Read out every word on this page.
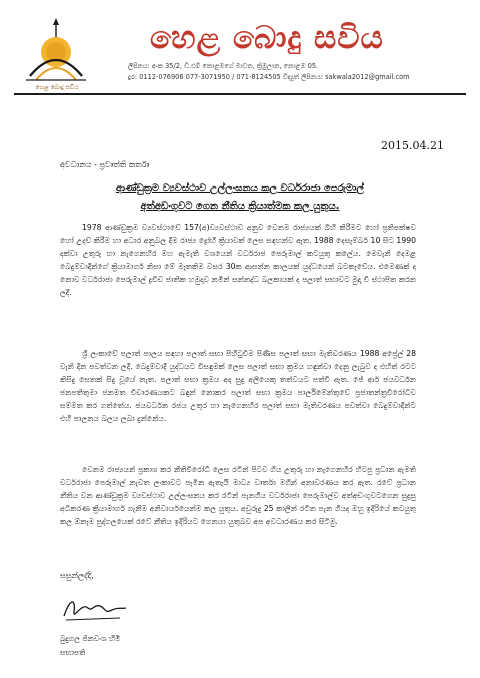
හෙළ බොදු සවිය
හෙළ බොදු සවිය
ලිපිනය: අංක 35/2, ඩී.එම් කොළඹගේ මාවත, ක්‍රිමුලාන, කොළඹ 05.
දුර: 0112-076906 077-3071950 / 071-8124505 විද්‍යුත් ලිපිනය: sakwala2012@gmail.com
2015.04.21
අවධානය - ප්‍රවෘත්ති කර්තෘ
ආණ්ඩුක්‍රම ව්‍යවස්ථාව උල්ලංඝනය කල වර්ධරාජා පෙරුමාල්
අත්අඩංගුවට ගෙන නීතිය ක්‍රියාත්මක කල යුතුය.

1978 ආණ්ඩුක්‍රම ව්‍යවස්ථාවේ 157(අ)ව්‍යවස්ථාව අනුව වෙනම රාජ්‍යයක් බිහි කිරීමට හෝ ප්‍රතිපක්ෂව හෝ උදව් කිරීම හා අධාර අනුබල දීම රාජ්‍ය ද්‍රෝහී ක්‍රියාවක් ලෙස සඳහන්ව ඇත. 1988 දෙසැම්බර් 10 සිට 1990 දක්වා උතුරු හා නැගෙනහිර මහ ඇමැති වශයෙන් වර්ධරාජ පෙරුමාල් කටයුතු කලේය. මෙවැනි දෙමළ බෙදුම්වාදීන්ගේ ක්‍රියාමාර්ග නිසා මේ මෑතකිම වසර 30ක ආසන්න කාලයක් යුද්ධයෙන් බටකෑවේය. එමෙණක් ද නොව වර්ධරාජා පෙරුමාල් ද්‍රවිඩ ජාතික හමුදාව නමින් සන්නද්ධ බලකායක් ද පලාත් සභාවට මුදා වී ස්ථාපිත කරන ලදී.

ශ්‍රී ලංකාවේ පලාත් පාලය සඳහා පලාත් සභා පිහිටුවීම පිණිස පලාත් සභා මැතිවරණය 1988 අප්‍රේල් 28 වැනි දින පවත්වන ලදී. බෙදුම්වාදී යුද්ධයට විසඳුමක් ලෙස පලාත් සභා ක්‍රමය හඳුන්වා දෙනු ලැබුව ද එහිත් රටට කිසිදු සෙතක් සිදු වූයේ නැත. පලාත් සභා ක්‍රමය අද සුදු අලියෙකු තත්වයට පත්වී ඇත. ජේ ආර් ජයවර්ධන ජනපතිතුමා ජනමත විචාරණයකට බඳුන් නොකර පලාත් සභා ක්‍රමය පාර්ලිමේන්තුවේ ප්‍රජාතන්ත්‍රවිරෝධීව සම්මත කර ගත්තේය. ජයවර්ධන රජය උතුර හා නැගෙනහිර පලාත් සභා මැතිවරණය පවත්වා බෙදුම්වාදීන්ට එහි පාලනය බලය ලබා දුන්නේය.

වෙනම රාජ්‍යයන් ප්‍රකාශ කර නීතිවිරෝධී ලෙස රටින් පිටව ගිය උතුරු හා නැගෙනහිර හිටපු ප්‍රධාන ඇමති වර්ධරාජා පෙරුමාල් නැවත ලංකාවට පැමින ඇතැයි මාධ්‍ය වාර්තා මගින් අනාවරණය කර ඇත. රටේ ප්‍රධාන නීතිය වන ආණ්ඩුක්‍රම ව්‍යවස්ථාව උල්ලංඝනය කර රටින් පැනගිය වර්ධරාජා පෙරුමාල්ව අත්අඩංගුවටගෙන සුදුසු අධිකරණ ක්‍රියාමාර්ග ගැනීම අනිවාර්යයෙන්ම කල යුතුය. අවුරුදු 25 කාලින් රටින පැන ගියද ඔහු ඉදිරියේ කටයුතු කල ඕනෑම පුද්ගලයෙක් රටේ නීතිය ඉදිරියට ගෙනයා යුතුබව අප අවධාරණය කර සිටිමු.

සසුන්ලද්දි,
බුදුගල ජිනවංශ හිමි
සභාපති
